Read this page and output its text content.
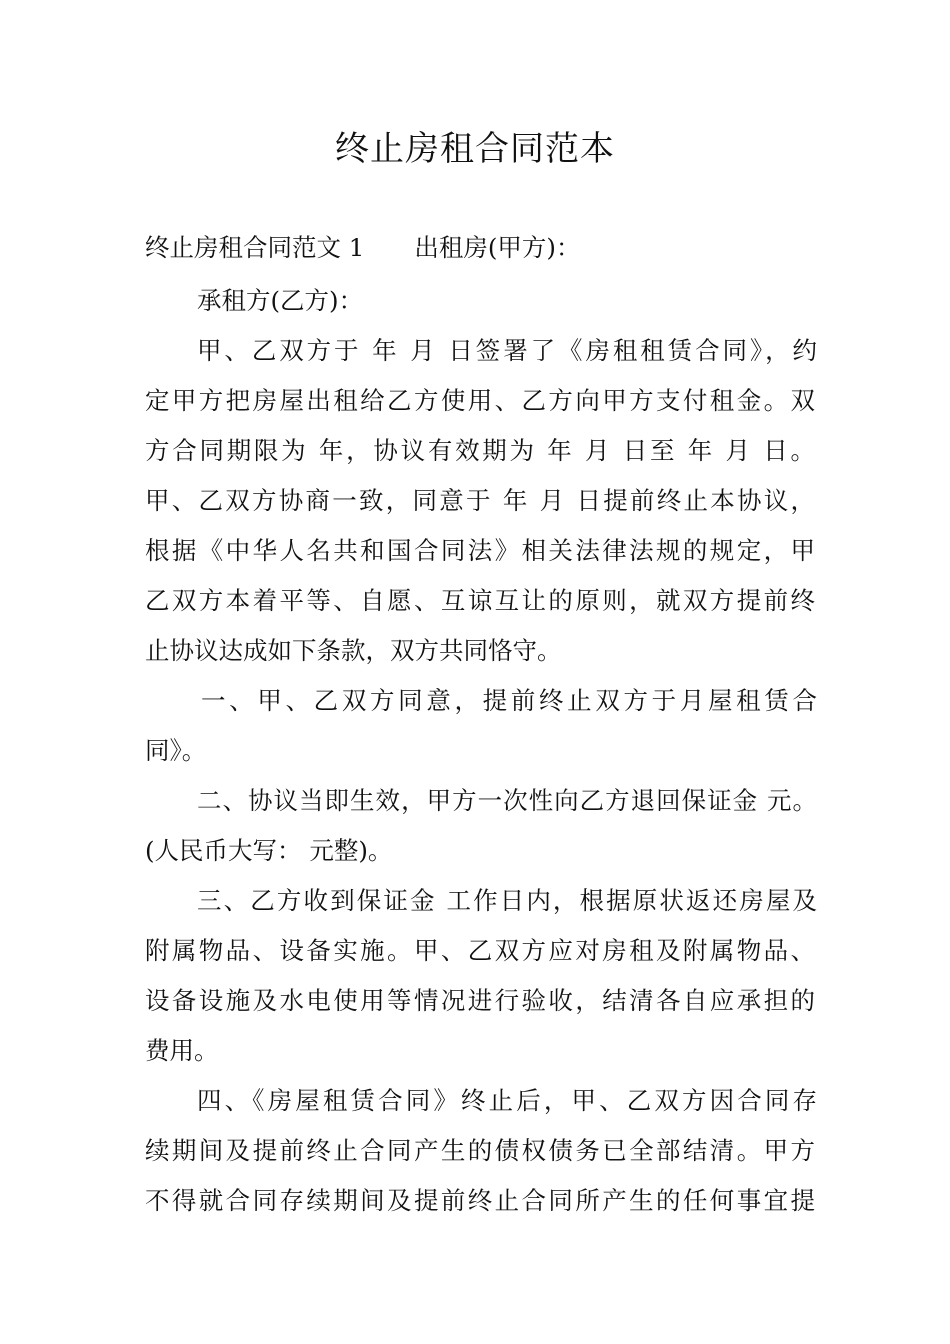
终止房租合同范本
终止房租合同范文 1 出租房(甲方)：
承租方(乙方)：
甲、乙双方于 年 月 日签署了《房租租赁合同》，约
定甲方把房屋出租给乙方使用、乙方向甲方支付租金。双
方合同期限为 年，协议有效期为 年 月 日至 年 月 日。
甲、乙双方协商一致，同意于 年 月 日提前终止本协议，
根据《中华人名共和国合同法》相关法律法规的规定，甲
乙双方本着平等、自愿、互谅互让的原则，就双方提前终
止协议达成如下条款，双方共同恪守。
一、甲、乙双方同意，提前终止双方于月屋租赁合
同》。
二、协议当即生效，甲方一次性向乙方退回保证金 元。
(人民币大写： 元整)。
三、乙方收到保证金 工作日内，根据原状返还房屋及
附属物品、设备实施。甲、乙双方应对房租及附属物品、
设备设施及水电使用等情况进行验收，结清各自应承担的
费用。
四、《房屋租赁合同》终止后，甲、乙双方因合同存
续期间及提前终止合同产生的债权债务已全部结清。甲方
不得就合同存续期间及提前终止合同所产生的任何事宜提
